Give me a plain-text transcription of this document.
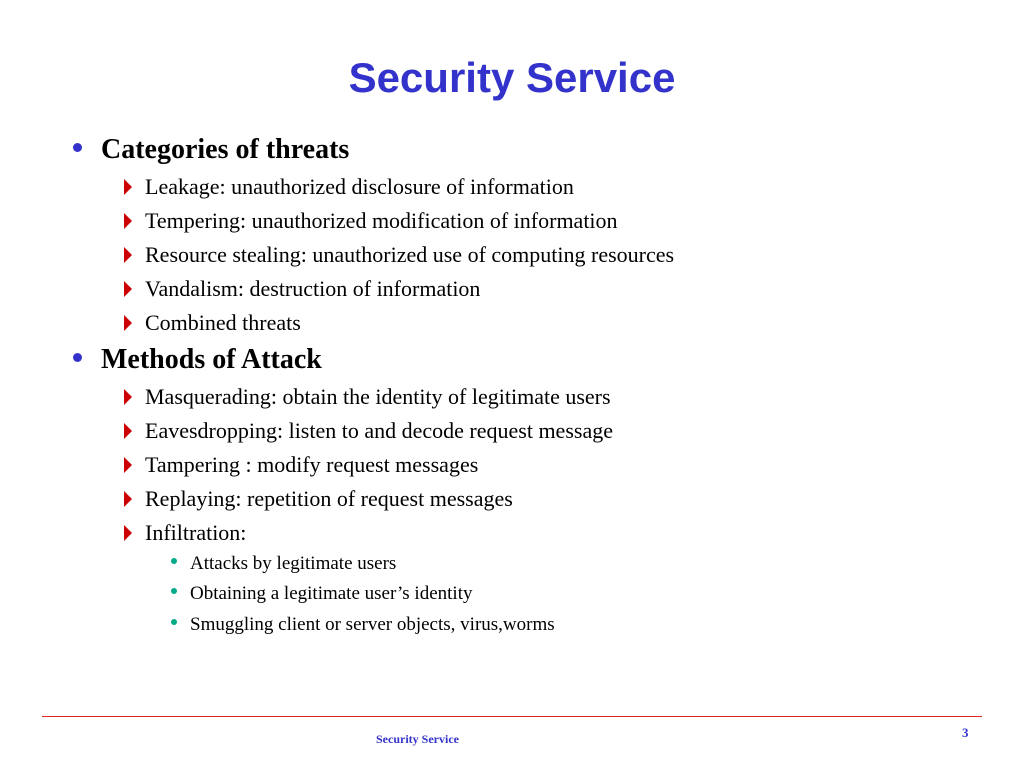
Security Service
Categories of threats
Leakage: unauthorized disclosure of information
Tempering: unauthorized modification of information
Resource stealing: unauthorized use of computing resources
Vandalism: destruction of information
Combined threats
Methods of Attack
Masquerading: obtain the identity of legitimate users
Eavesdropping: listen to and decode request message
Tampering : modify request messages
Replaying: repetition of request messages
Infiltration:
Attacks by legitimate users
Obtaining a legitimate user’s identity
Smuggling client or server objects, virus,worms
Security Service	3
